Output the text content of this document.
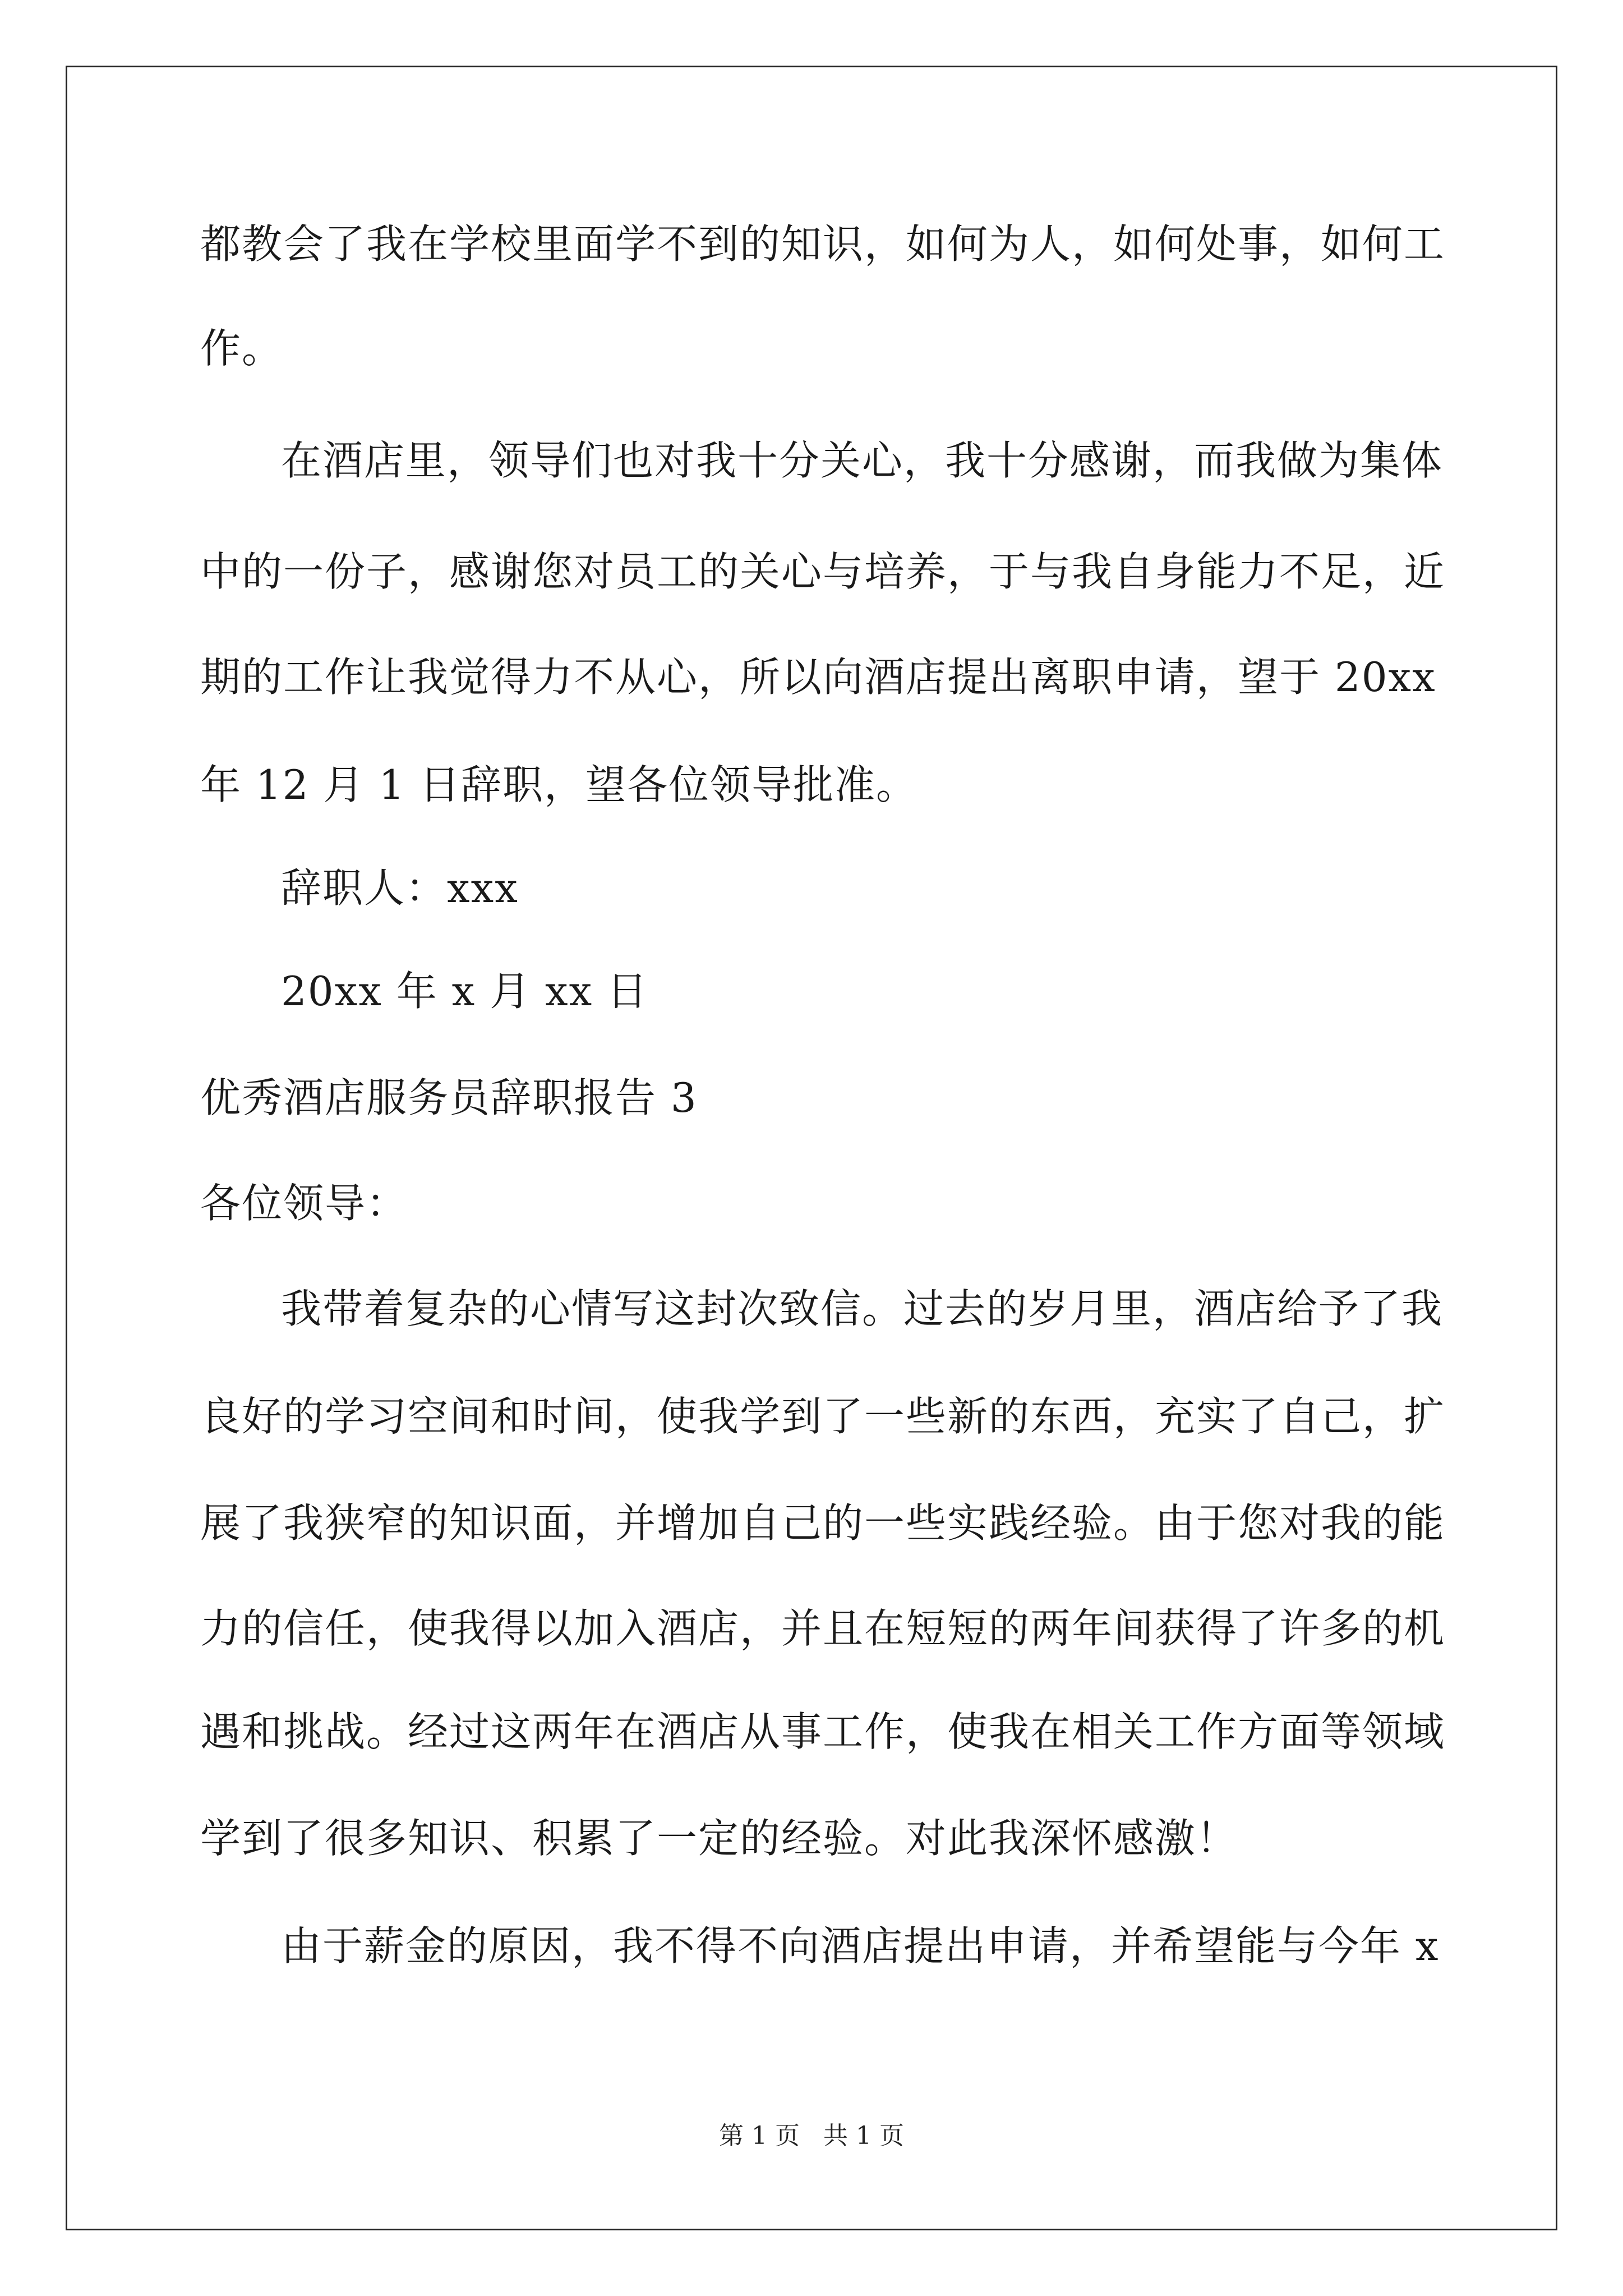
都教会了我在学校里面学不到的知识，如何为人，如何处事，如何工
作。
在酒店里，领导们也对我十分关心，我十分感谢，而我做为集体
中的一份子，感谢您对员工的关心与培养，于与我自身能力不足，近
期的工作让我觉得力不从心，所以向酒店提出离职申请，望于 20xx
年 12 月 1 日辞职，望各位领导批准。
辞职人：xxx
20xx 年 x 月 xx 日
优秀酒店服务员辞职报告 3
各位领导：
我带着复杂的心情写这封次致信。过去的岁月里，酒店给予了我
良好的学习空间和时间，使我学到了一些新的东西，充实了自己，扩
展了我狭窄的知识面，并增加自己的一些实践经验。由于您对我的能
力的信任，使我得以加入酒店，并且在短短的两年间获得了许多的机
遇和挑战。经过这两年在酒店从事工作，使我在相关工作方面等领域
学到了很多知识、积累了一定的经验。对此我深怀感激！
由于薪金的原因，我不得不向酒店提出申请，并希望能与今年 x
第 1 页 共 1 页
